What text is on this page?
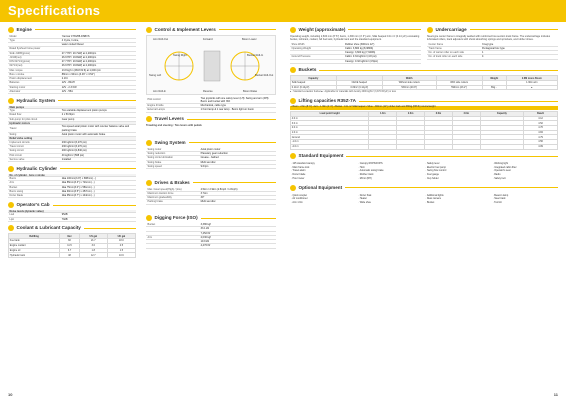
Specifications
Engine
Model	Yanmar 4TNV88-DSBVS
Type	4 Cycle, In-line,
water cooled Diesel
Rated flywheel horse power
SAE J1995(gross)	27.7 HP / 20.7kW) at 2,200rpm
J1349(net)	26.9 HP / 19.8kW) at 2,200rpm
DIN 6271/1(gross)	27.7 HP / 20.6kW) at 2,200rpm
6271/1(net)	26.9 HP / 19.8kW) at 2,200rpm
Max. torque	13.8 kgf.m (99.8 lbf.ft) at 1,000 rpm
Bore x stroke	88mm x 90mm (3.46" x 3.54")
Piston displacement	2.19 ℓ
Batteries	12V - 80AH
Starting motor	12V - 2.3 KW
Alternator	12V - 55A
Hydraulic System
Main pumps
Type	Two variable displacement piston pumps
Rated flow	2 x 50.6lpm
Sub-pump for pilot circuit	Gear pump
Hydraulic motors
Travel
Two speed axial piston motor with counter balance valve and parking brake
Swing	Axial piston motor with automatic brake
Relief valve setting
Implement circuits	230 kgf/cm²(3,270 psi)
Travel circuit	230 kgf/cm²(3,270 psi)
Swing circuit	200 kgf/cm²(2,840 psi)
Pilot circuit	40 kgf/cm² (568 psi)
Service valve	Installed
Hydraulic Cylinder
No. of cylinder - bore x stroke
Boom	1Ea 100mm(3.9") x 688mm(...)
Arm	1Ea 85mm(3.3") x 721mm(...)
Bucket	1Ea 75mm(3.0") x 581mm(...)
Boom swing	1Ea 90mm(3.5") x 457mm(...)
Dozer blade	1Ea 95mm(3.7") x 144mm(...)
Operator's Cab
Noise levels (dynamic value)
Lwd	95dB
LpA	79dB
Coolant & Lubricant Capacity
Refilling	liter	US gal	UK gal
Fuel tank	82	21.7	18.0
Engine coolant	11.5	3.0	2.5
Engine oil	6.7	1.8	1.5
Hydraulic tank	48	12.7	10.6
Control & Implement Levers
Arm Roll-Out	Forward	Boom Lower
Swing Right
Swing Left
Bucket Roll-In
Bucket Roll-Out
Arm Roll-In	Reverse	Boom Raise
Pilot control
Two joysticks with one safety lever (LH): Swing and arm (RH): Boom and bucket with ISO
Engine throttle	Mechanical, cable type
External Lamps	1 front lamp & 1 rear lamp · Boom light on boom
Travel Levers
Traveling and steering : Two levers with pedals
Swing System
Swing motor	Axial piston motor
Swing reduction	Planetary gear reduction
Swing circle lubrication	Grease - bathed
Swing brake	Multi wet disc
Swing speed	9.6rpm
Drives & Brakes
Max. travel speed(High) / (low)	4.5km / 2.9km (2.8mph / 1.8mph)
Maximum traction force	3.7ton
Maximum gradeability	30°
Parking brake	Multi wet disc
Digging Force (ISO)
Bucket	3,380 kgf
33.1 kN
7,452 lbf
Arm	2,030 kgf
19.9 kN
4,476 lbf
Weight (approximate)
Operating weight, including 2,600 mm (8' 6") boom, 1,300 mm (4' 3") arm, SAE heaped 0.11 m³ (0.14 yd³) excavating bucket, lubricant, coolant, full fuel tank, hydraulic tank and the standard equipment.
Shoe Width	Rubber shoe (300mm 12")
Operating Weight	Cabin: 3,800 kg (8,380lb)
Canopy: 3,600 kg (7,940lb)
Ground Pressure	Cabin: 0.34 kgf/cm² (4.8 psi)
Canopy: 0.32 kgf/cm² (4.5psi)
Undercarriage
Steel-type center frame is integrally welded with reinforced box-section track frame. The undercarriage includes lubricated rollers, track adjusters with shock absorbing springs and sprockets, and rubber shoes.
Center frame	X-leg type
Track frame	Pentagonal box type
No. of carrier roller on each side	1
No. of track roller on each side	4
Buckets
Capacity		Width		Weight	2.6M mono Boom
SAE heaped	CECE heaped	Without side cutters	With side cutters		1.30m arm
0.11m³ (0.14yd³)	0.09m³ (0.12yd³)	530mm (20.9")	590mm (23.2")	Bkg ..	●
● : Standard excavator bucket ■ : Applicable for materials with density 2000 kgf/m³ (3,370 lbf/yd³) or less
Lifting capacities R35Z-7A
• Boom : 2.6m (8' 6") • Arm : 1.30m (4' 3") • Bucket : 0.11 m³ SAE heaped • Shoe : 300mm (12") rubber track and 380kg (838 lb) counterweight
Load point height	1.0m	2.0m	3.0m	4.0m	Capacity	Reach
4.0 m						4.12
3.0 m						4.52
2.0 m						4.76
1.0 m						4.84
Ground						4.79
-1.0 m						4.56
-2.0 m						4.09
Standard Equipment
· 125 standard canopy	· Canopy ROPS/FOPS	· Safety lever	· Working light
· Main frame lock	· Horn	· Electric fuel pump	· Integrated cabin filter
· Travel alarm	· Automatic swing brake	· Swing flow control	· Operator's seat
· Dozer blade	· Rubber track	· Fuel gauge	· Radio
· Hour meter	· Mirror (RH)	· Cup holder	· Safety belt
Optional Equipment
· Quick coupler	· Dozer float	· Additional lights	· Beacon lamp
· Air conditioner	· Heater	· Rear camera	· Steel track
· Arm 1.6m	· Wide shoe	· Bucket	· Tool kit
10	11
